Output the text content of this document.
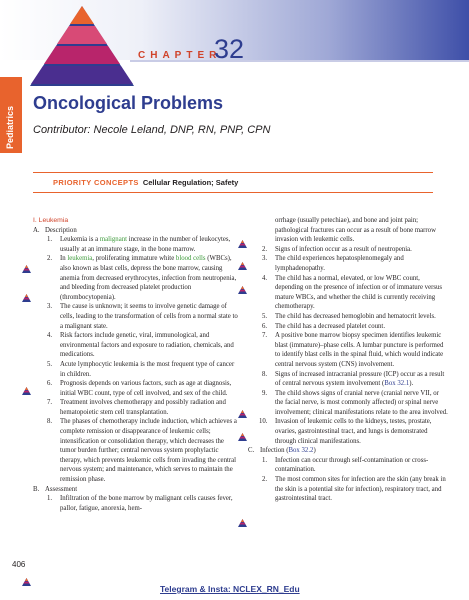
CHAPTER
32
Pediatrics
Oncological Problems
Contributor: Necole Leland, DNP, RN, PNP, CPN
PRIORITY CONCEPTS Cellular Regulation; Safety
I. Leukemia
A. Description
1. Leukemia is a malignant increase in the number of leukocytes, usually at an immature stage, in the bone marrow.
2. In leukemia, proliferating immature white blood cells (WBCs), also known as blast cells, depress the bone marrow, causing anemia from decreased erythrocytes, infection from neutropenia, and bleeding from decreased platelet production (thrombocytopenia).
3. The cause is unknown; it seems to involve genetic damage of cells, leading to the transformation of cells from a normal state to a malignant state.
4. Risk factors include genetic, viral, immunological, and environmental factors and exposure to radiation, chemicals, and medications.
5. Acute lymphocytic leukemia is the most frequent type of cancer in children.
6. Prognosis depends on various factors, such as age at diagnosis, initial WBC count, type of cell involved, and sex of the child.
7. Treatment involves chemotherapy and possibly radiation and hematopoietic stem cell transplantation.
8. The phases of chemotherapy include induction, which achieves a complete remission or disappearance of leukemic cells; intensification or consolidation therapy, which decreases the tumor burden further; central nervous system prophylactic therapy, which prevents leukemic cells from invading the central nervous system; and maintenance, which serves to maintain the remission phase.
B. Assessment
1. Infiltration of the bone marrow by malignant cells causes fever, pallor, fatigue, anorexia, hem-
orrhage (usually petechiae), and bone and joint pain; pathological fractures can occur as a result of bone marrow invasion with leukemic cells.
2. Signs of infection occur as a result of neutropenia.
3. The child experiences hepatosplenomegaly and lymphadenopathy.
4. The child has a normal, elevated, or low WBC count, depending on the presence of infection or of immature versus mature WBCs, and whether the child is currently receiving chemotherapy.
5. The child has decreased hemoglobin and hematocrit levels.
6. The child has a decreased platelet count.
7. A positive bone marrow biopsy specimen identifies leukemic blast (immature)–phase cells. A lumbar puncture is performed to identify blast cells in the spinal fluid, which would indicate central nervous system (CNS) involvement.
8. Signs of increased intracranial pressure (ICP) occur as a result of central nervous system involvement (Box 32.1).
9. The child shows signs of cranial nerve (cranial nerve VII, or the facial nerve, is most commonly affected) or spinal nerve involvement; clinical manifestations relate to the area involved.
10. Invasion of leukemic cells to the kidneys, testes, prostate, ovaries, gastrointestinal tract, and lungs is demonstrated through clinical manifestations.
C. Infection (Box 32.2)
1. Infection can occur through self-contamination or cross-contamination.
2. The most common sites for infection are the skin (any break in the skin is a potential site for infection), respiratory tract, and gastrointestinal tract.
406
Telegram & Insta: NCLEX_RN_Edu
